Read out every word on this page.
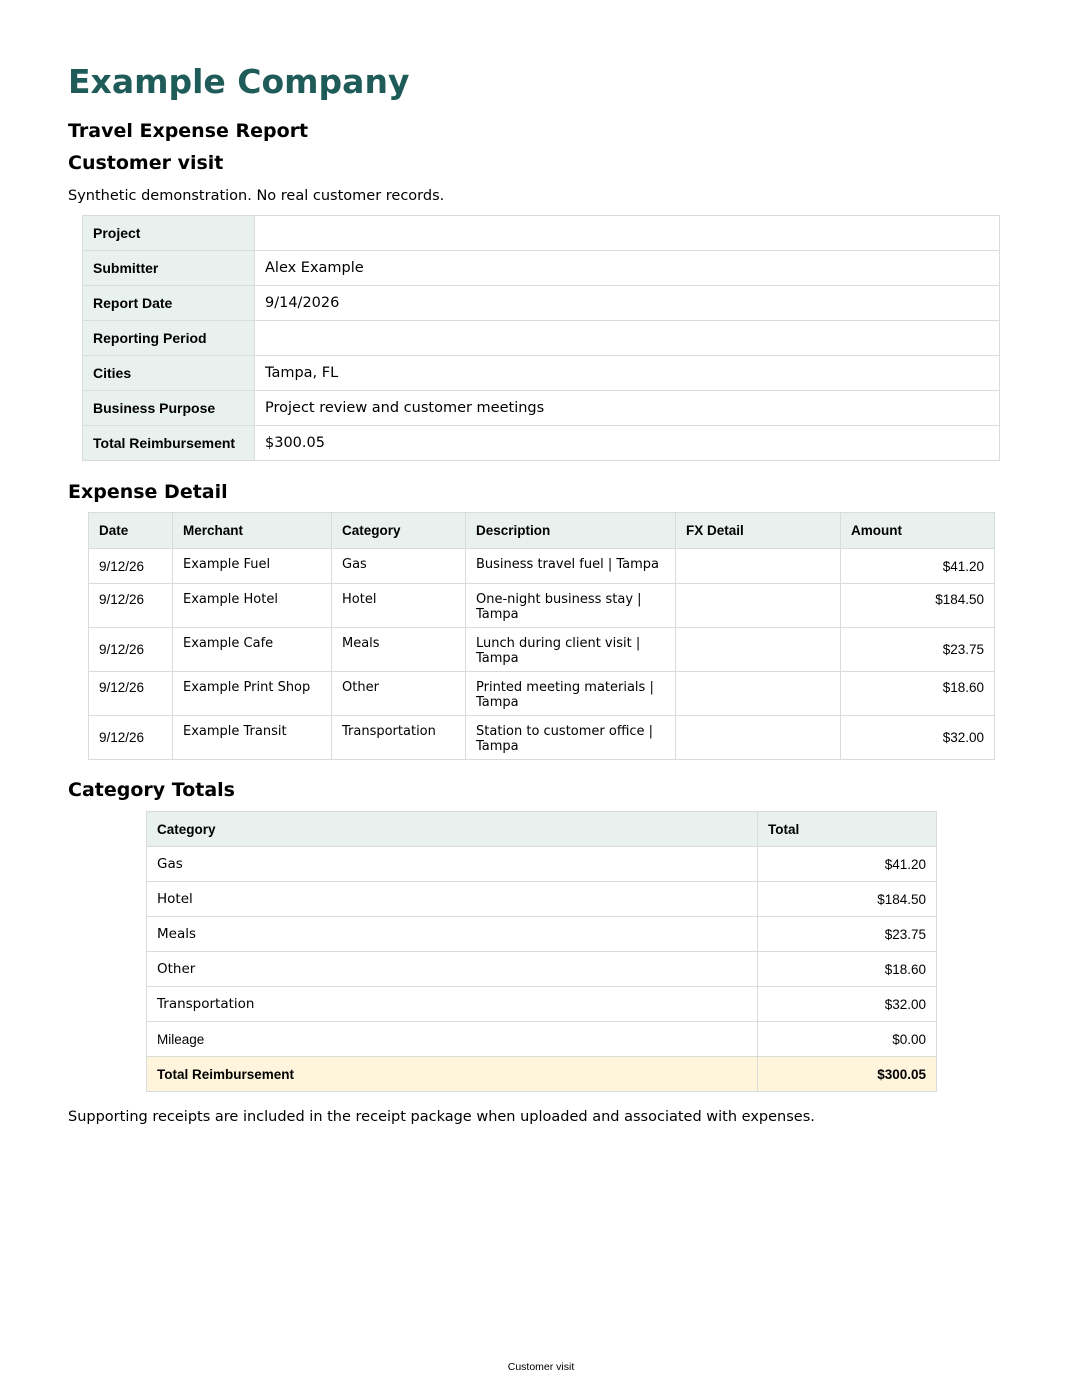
Example Company
Travel Expense Report
Customer visit

Synthetic demonstration. No real customer records.

Project	
Submitter	Alex Example
Report Date	9/14/2026
Reporting Period	
Cities	Tampa, FL
Business Purpose	Project review and customer meetings
Total Reimbursement	$300.05
Expense Detail
Date	Merchant	Category	Description	FX Detail	Amount
9/12/26	Example Fuel	Gas	Business travel fuel | Tampa		$41.20
9/12/26	Example Hotel	Hotel	One-night business stay | Tampa		$184.50
9/12/26	Example Cafe	Meals	Lunch during client visit | Tampa		$23.75
9/12/26	Example Print Shop	Other	Printed meeting materials | Tampa		$18.60
9/12/26	Example Transit	Transportation	Station to customer office | Tampa		$32.00
Category Totals
Category	Total
Gas	$41.20
Hotel	$184.50
Meals	$23.75
Other	$18.60
Transportation	$32.00
Mileage	$0.00
Total Reimbursement	$300.05

Supporting receipts are included in the receipt package when uploaded and associated with expenses.

Customer visit
